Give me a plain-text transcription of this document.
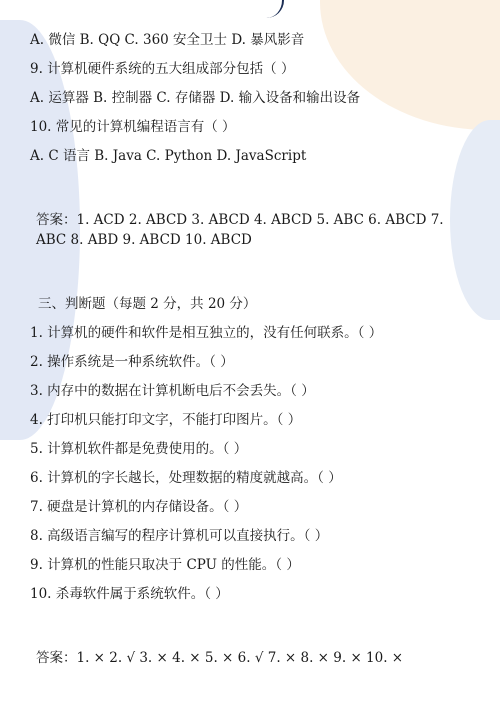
A. 微信 B. QQ C. 360 安全卫士 D. 暴风影音
9. 计算机硬件系统的五大组成部分包括（ ）
A. 运算器 B. 控制器 C. 存储器 D. 输入设备和输出设备
10. 常见的计算机编程语言有（ ）
A. C 语言 B. Java C. Python D. JavaScript
答案：1. ACD 2. ABCD 3. ABCD 4. ABCD 5. ABC 6. ABCD 7. ABC 8. ABD 9. ABCD 10. ABCD
三、判断题（每题 2 分，共 20 分）
1. 计算机的硬件和软件是相互独立的，没有任何联系。（ ）
2. 操作系统是一种系统软件。（ ）
3. 内存中的数据在计算机断电后不会丢失。（ ）
4. 打印机只能打印文字，不能打印图片。（ ）
5. 计算机软件都是免费使用的。（ ）
6. 计算机的字长越长，处理数据的精度就越高。（ ）
7. 硬盘是计算机的内存储设备。（ ）
8. 高级语言编写的程序计算机可以直接执行。（ ）
9. 计算机的性能只取决于 CPU 的性能。（ ）
10. 杀毒软件属于系统软件。（ ）
答案：1. × 2. √ 3. × 4. × 5. × 6. √ 7. × 8. × 9. × 10. ×
